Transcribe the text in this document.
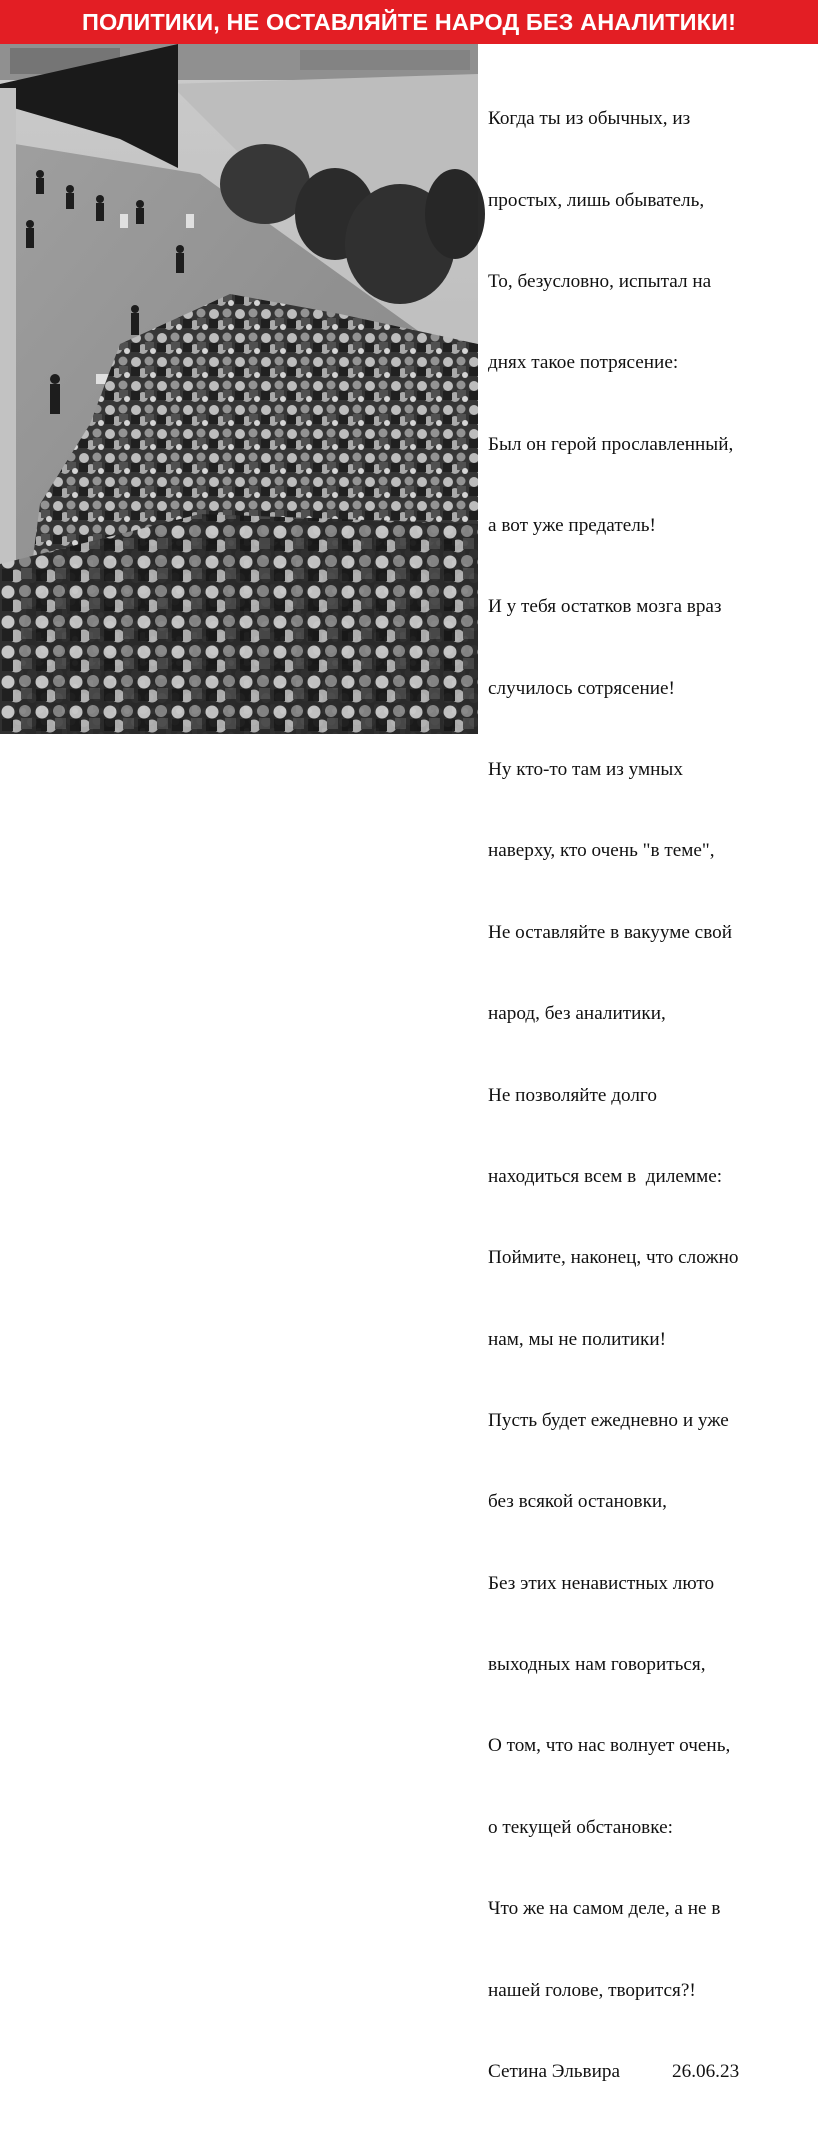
ПОЛИТИКИ, НЕ ОСТАВЛЯЙТЕ НАРОД БЕЗ АНАЛИТИКИ!

Когда ты из обычных, из

простых, лишь обыватель,

То, безусловно, испытал на

днях такое потрясение:

Был он герой прославленный,

а вот уже предатель!

И у тебя остатков мозга враз

случилось сотрясение!

Ну кто-то там из умных

наверху, кто очень "в теме",

Не оставляйте в вакууме свой

народ, без аналитики,

Не позволяйте долго

находиться всем в  дилемме:

Поймите, наконец, что сложно

нам, мы не политики!

Пусть будет ежедневно и уже

без всякой остановки,

Без этих ненавистных люто

выходных нам говориться,

О том, что нас волнует очень,

о текущей обстановке:

Что же на самом деле, а не в

нашей голове, творится?!

Сетина Эльвира	26.06.23
